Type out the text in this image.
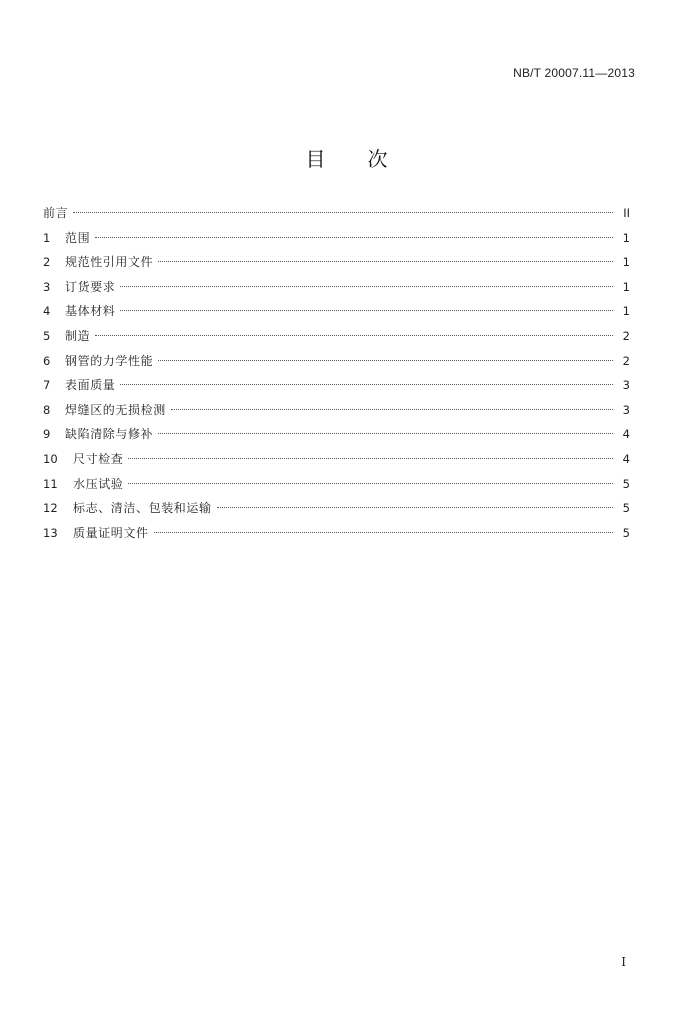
NB/T 20007.11—2013
目次
前言	II
1	范围	1
2	规范性引用文件	1
3	订货要求	1
4	基体材料	1
5	制造	2
6	钢管的力学性能	2
7	表面质量	3
8	焊缝区的无损检测	3
9	缺陷清除与修补	4
10	尺寸检查	4
11	水压试验	5
12	标志、清洁、包装和运输	5
13	质量证明文件	5
I
